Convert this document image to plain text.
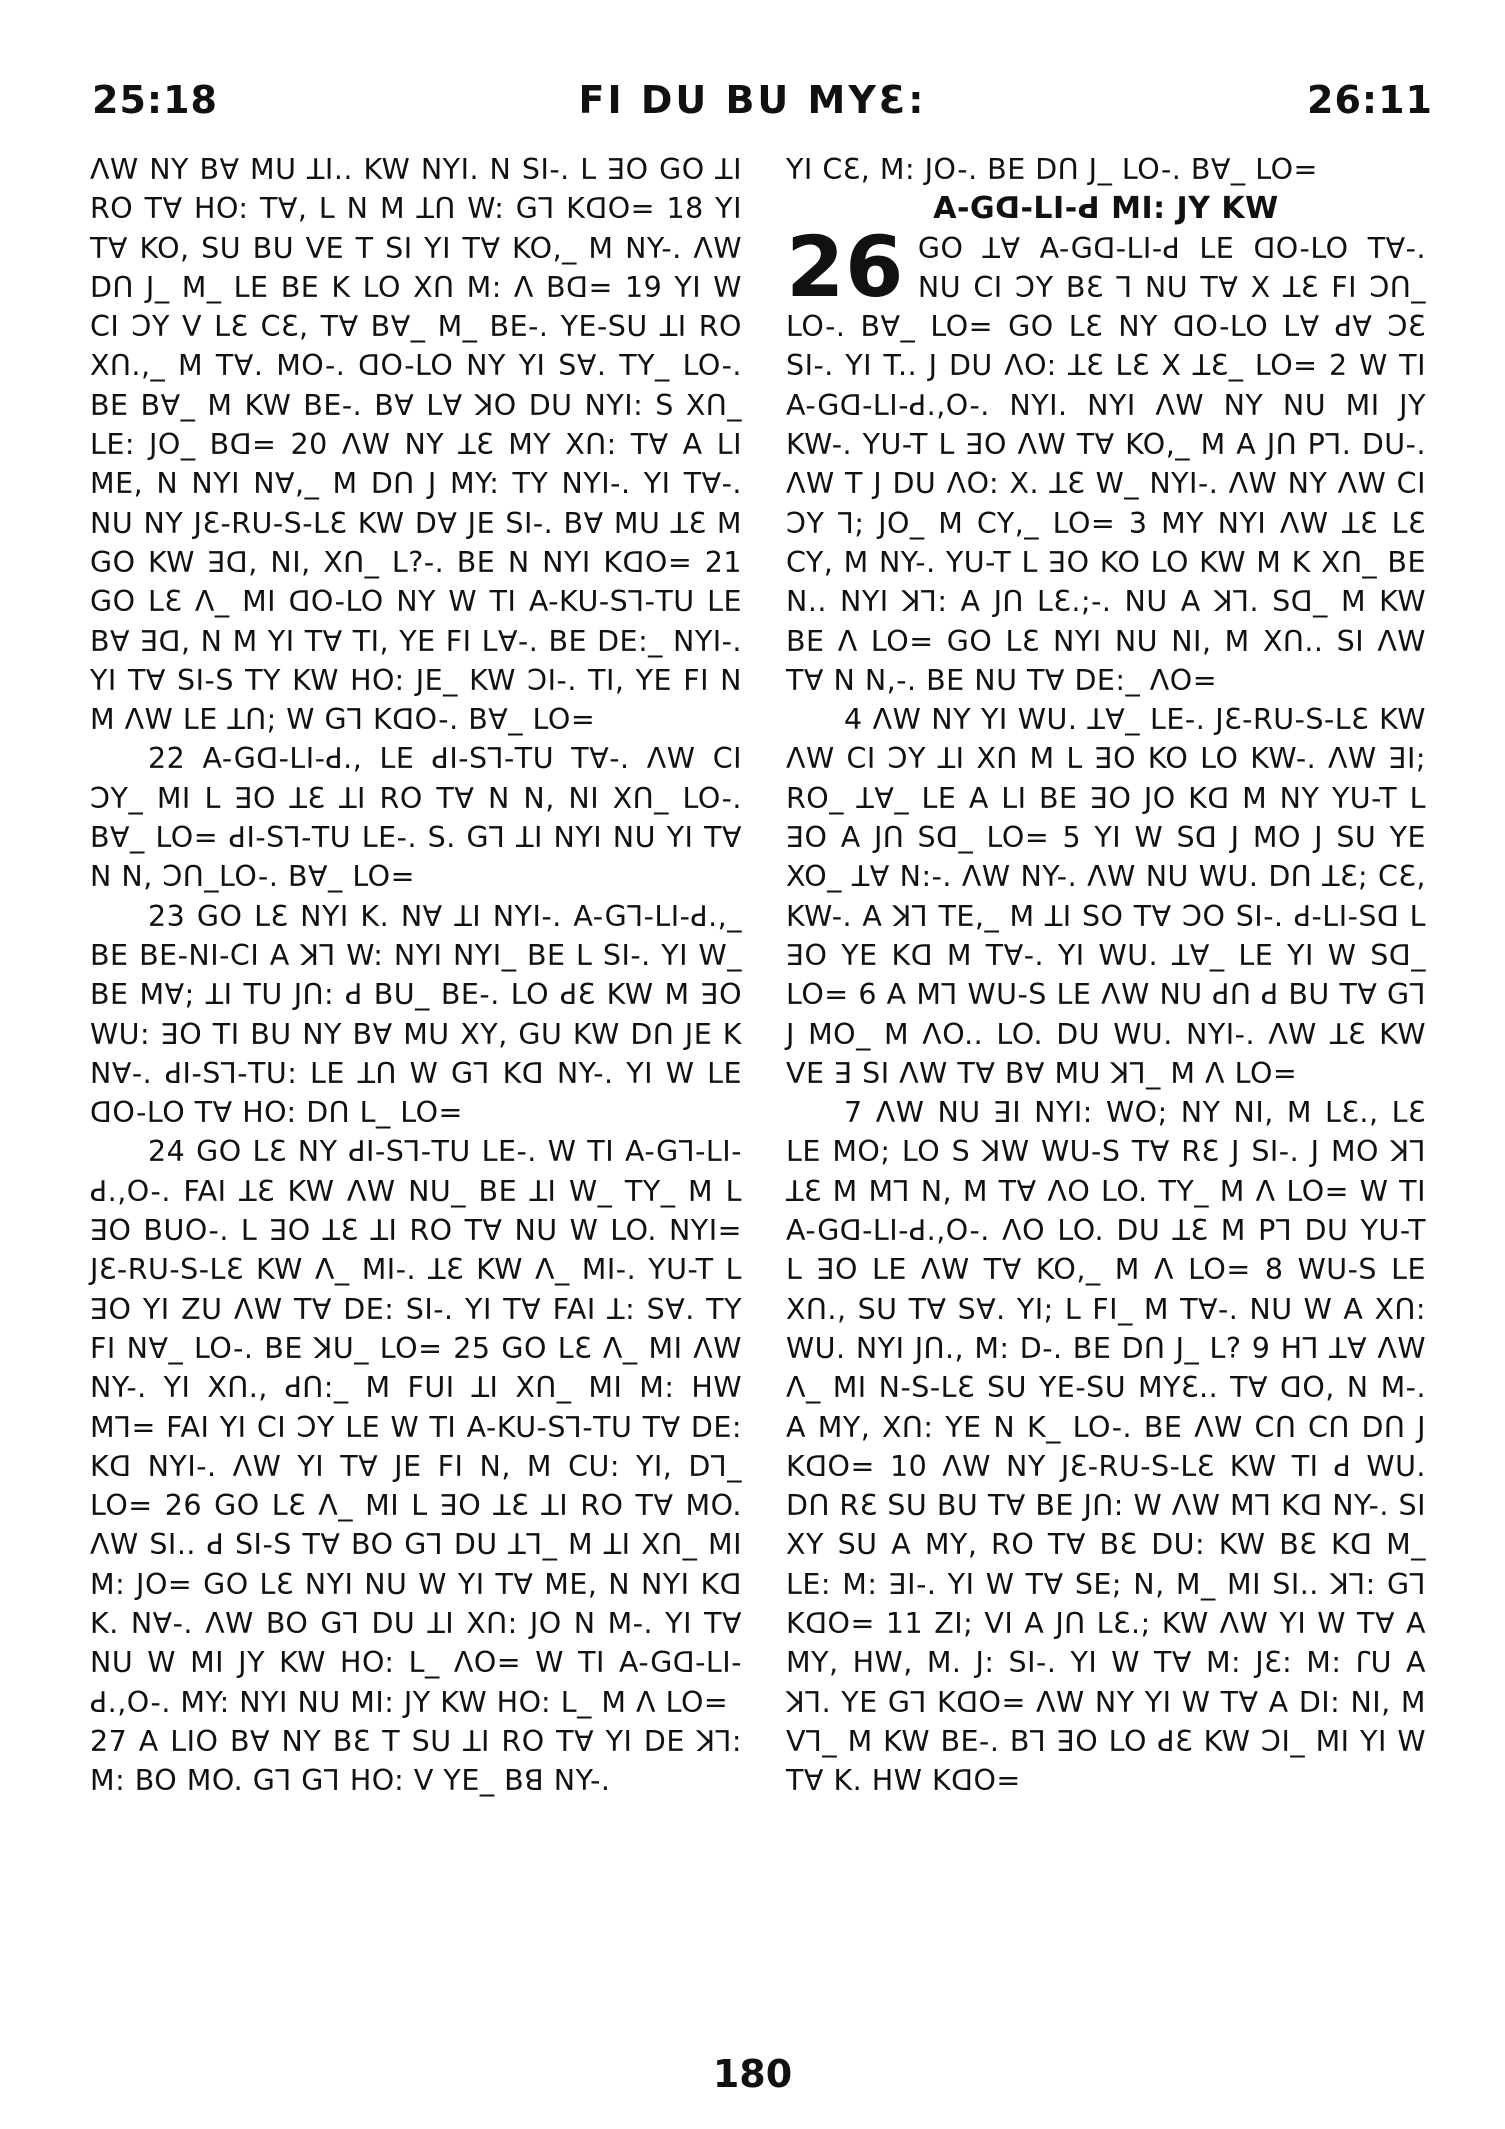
FI DU BU MYƐ:
25:18	26:11

ɅW NY Bꓯ MU ꓕI.. KW NYI. N SI-. L ꓱO GO ꓕI RO Tꓯ HO: Tꓯ, L N M ꓕՈ W: Gꓶ KꓷO= 18 YI Tꓯ KO, SU BU VE T SI YI Tꓯ KO,_ M NY-. ɅW DՈ J_ M_ LE BE K LO XՈ M: Ʌ Bꓷ= 19 YI W CI ƆY V LƐ CƐ, Tꓯ Bꓯ_ M_ BE-. YE-SU ꓕI RO XՈ.,_ M Tꓯ. MO-. ꓷO-LO NY YI Sꓯ. TY_ LO-. BE Bꓯ_ M KW BE-. Bꓯ Lꓯ ꓘO DU NYI: S XՈ_ LE: JO_ Bꓷ= 20 ɅW NY ꓕƐ MY XՈ: Tꓯ A LI ME, N NYI Nꓯ,_ M DՈ J MY: TY NYI-. YI Tꓯ-. NU NY JƐ-RU-S-LƐ KW Dꓯ JE SI-. Bꓯ MU ꓕƐ M GO KW ꓱꓷ, NI, XՈ_ L?-. BE N NYI KꓷO= 21 GO LƐ Ʌ_ MI ꓷO-LO NY W TI A-KU-Sꓶ-TU LE Bꓯ ꓱꓷ, N M YI Tꓯ TI, YE FI Lꓯ-. BE DE:_ NYI-. YI Tꓯ SI-S TY KW HO: JE_ KW ƆI-. TI, YE FI N M ɅW LE ꓕՈ; W Gꓶ KꓷO-. Bꓯ_ LO=

22 A-Gꓷ-LI-ꓒ., LE ꓒI-Sꓶ-TU Tꓯ-. ɅW CI ƆY_ MI L ꓱO ꓕƐ ꓕI RO Tꓯ N N, NI XՈ_ LO-. Bꓯ_ LO= ꓒI-Sꓶ-TU LE-. S. Gꓶ ꓕI NYI NU YI Tꓯ N N, ƆՈ_LO-. Bꓯ_ LO=

23 GO LƐ NYI K. Nꓯ ꓕI NYI-. A-Gꓶ-LI-ꓒ.,_ BE BE-NI-CI A ꓘꓶ W: NYI NYI_ BE L SI-. YI W_ BE Mꓯ; ꓕI TU JՈ: ꓒ BU_ BE-. LO ꓒƐ KW M ꓱO WU: ꓱO TI BU NY Bꓯ MU XY, GU KW DՈ JE K Nꓯ-. ꓒI-Sꓶ-TU: LE ꓕՈ W Gꓶ Kꓷ NY-. YI W LE ꓷO-LO Tꓯ HO: DՈ L_ LO=

24 GO LƐ NY ꓒI-Sꓶ-TU LE-. W TI A-Gꓶ-LI-ꓒ.,O-. FAI ꓕƐ KW ɅW NU_ BE ꓕI W_ TY_ M L ꓱO BUO-. L ꓱO ꓕƐ ꓕI RO Tꓯ NU W LO. NYI= JƐ-RU-S-LƐ KW Ʌ_ MI-. ꓕƐ KW Ʌ_ MI-. YU-T L ꓱO YI ZU ɅW Tꓯ DE: SI-. YI Tꓯ FAI ꓕ: Sꓯ. TY FI Nꓯ_ LO-. BE ꓘU_ LO= 25 GO LƐ Ʌ_ MI ɅW NY-. YI XՈ., ꓒՈ:_ M FUI ꓕI XՈ_ MI M: HW Mꓶ= FAI YI CI ƆY LE W TI A-KU-Sꓶ-TU Tꓯ DE: Kꓷ NYI-. ɅW YI Tꓯ JE FI N, M CU: YI, Dꓶ_ LO= 26 GO LƐ Ʌ_ MI L ꓱO ꓕƐ ꓕI RO Tꓯ MO. ɅW SI.. ꓒ SI-S Tꓯ BO Gꓶ DU ꓕꓶ_ M ꓕI XՈ_ MI M: JO= GO LƐ NYI NU W YI Tꓯ ME, N NYI Kꓷ K. Nꓯ-. ɅW BO Gꓶ DU ꓕI XՈ: JO N M-. YI Tꓯ NU W MI JY KW HO: L_ ɅO= W TI A-Gꓷ-LI-ꓒ.,O-. MY: NYI NU MI: JY KW HO: L_ M Ʌ LO=

27 A LIO Bꓯ NY BƐ T SU ꓕI RO Tꓯ YI DE ꓘꓶ: M: BO MO. Gꓶ Gꓶ HO: V YE_ Bꓭ NY-.

YI CƐ, M: JO-. BE DՈ J_ LO-. Bꓯ_ LO=

A-Gꓷ-LI-ꓒ MI: JY KW

26 GO ꓕꓯ A-Gꓷ-LI-ꓒ LE ꓷO-LO Tꓯ-. NU CI ƆY BƐ ꓶ NU Tꓯ X ꓕƐ FI ƆՈ_ LO-. Bꓯ_ LO= GO LƐ NY ꓷO-LO Lꓯ ꓒꓯ ƆƐ SI-. YI T.. J DU ɅO: ꓕƐ LƐ X ꓕƐ_ LO= 2 W TI A-Gꓷ-LI-ꓒ.,O-. NYI. NYI ɅW NY NU MI JY KW-. YU-T L ꓱO ɅW Tꓯ KO,_ M A JՈ Pꓶ. DU-. ɅW T J DU ɅO: X. ꓕƐ W_ NYI-. ɅW NY ɅW CI ƆY ꓶ; JO_ M CY,_ LO= 3 MY NYI ɅW ꓕƐ LƐ CY, M NY-. YU-T L ꓱO KO LO KW M K XՈ_ BE N.. NYI ꓘꓶ: A JՈ LƐ.;-. NU A ꓘꓶ. Sꓷ_ M KW BE Ʌ LO= GO LƐ NYI NU NI, M XՈ.. SI ɅW Tꓯ N N,-. BE NU Tꓯ DE:_ ɅO=

4 ɅW NY YI WU. ꓕꓯ_ LE-. JƐ-RU-S-LƐ KW ɅW CI ƆY ꓕI XՈ M L ꓱO KO LO KW-. ɅW ꓱI; RO_ ꓕꓯ_ LE A LI BE ꓱO JO Kꓷ M NY YU-T L ꓱO A JՈ Sꓷ_ LO= 5 YI W Sꓷ J MO J SU YE XO_ ꓕꓯ N:-. ɅW NY-. ɅW NU WU. DՈ ꓕƐ; CƐ, KW-. A ꓘꓶ TE,_ M ꓕI SO Tꓯ ƆO SI-. ꓒ-LI-Sꓷ L ꓱO YE Kꓷ M Tꓯ-. YI WU. ꓕꓯ_ LE YI W Sꓷ_ LO= 6 A Mꓶ WU-S LE ɅW NU ꓒՈ ꓒ BU Tꓯ Gꓶ J MO_ M ɅO.. LO. DU WU. NYI-. ɅW ꓕƐ KW VE ꓱ SI ɅW Tꓯ Bꓯ MU ꓘꓶ_ M Ʌ LO=

7 ɅW NU ꓱI NYI: WO; NY NI, M LƐ., LƐ LE MO; LO S ꓘW WU-S Tꓯ RƐ J SI-. J MO ꓘꓶ ꓕƐ M Mꓶ N, M Tꓯ ɅO LO. TY_ M Ʌ LO= W TI A-Gꓷ-LI-ꓒ.,O-. ɅO LO. DU ꓕƐ M Pꓶ DU YU-T L ꓱO LE ɅW Tꓯ KO,_ M Ʌ LO= 8 WU-S LE XՈ., SU Tꓯ Sꓯ. YI; L FI_ M Tꓯ-. NU W A XՈ: WU. NYI JՈ., M: D-. BE DՈ J_ L? 9 Hꓶ ꓕꓯ ɅW Ʌ_ MI N-S-LƐ SU YE-SU MYƐ.. Tꓯ ꓷO, N M-. A MY, XՈ: YE N K_ LO-. BE ɅW CՈ CՈ DՈ J KꓷO= 10 ɅW NY JƐ-RU-S-LƐ KW TI ꓒ WU. DՈ RƐ SU BU Tꓯ BE JՈ: W ɅW Mꓶ Kꓷ NY-. SI XY SU A MY, RO Tꓯ BƐ DU: KW BƐ Kꓷ M_ LE: M: ꓱI-. YI W Tꓯ SE; N, M_ MI SI.. ꓘꓶ: Gꓶ KꓷO= 11 ZI; VI A JՈ LƐ.; KW ɅW YI W Tꓯ A MY, HW, M. J: SI-. YI W Tꓯ M: JƐ: M: ꓩU A ꓘꓶ. YE Gꓶ KꓷO= ɅW NY YI W Tꓯ A DI: NI, M Vꓶ_ M KW BE-. Bꓶ ꓱO LO ꓒƐ KW ƆI_ MI YI W Tꓯ K. HW KꓷO=

180
